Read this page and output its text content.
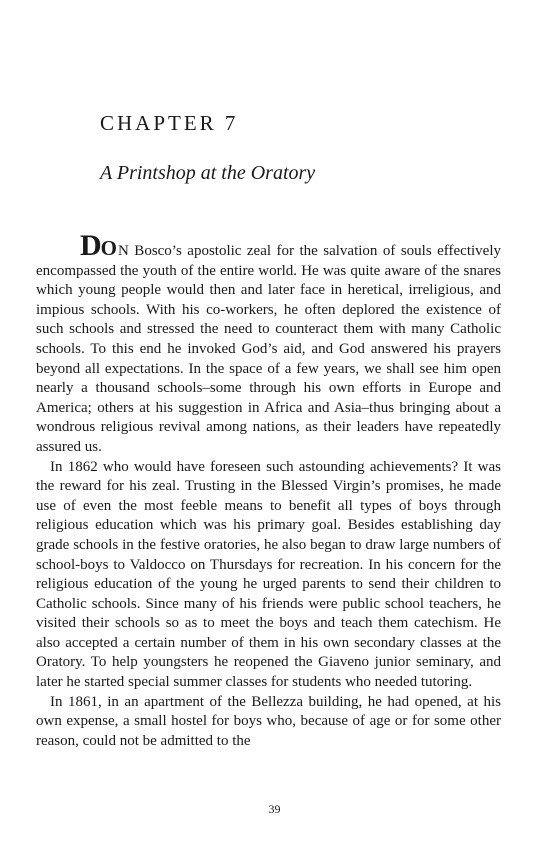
CHAPTER 7
A Printshop at the Oratory

DON Bosco’s apostolic zeal for the salvation of souls effectively encompassed the youth of the entire world. He was quite aware of the snares which young people would then and later face in heretical, irreligious, and impious schools. With his co-workers, he often deplored the existence of such schools and stressed the need to counteract them with many Catholic schools. To this end he invoked God’s aid, and God answered his prayers beyond all expectations. In the space of a few years, we shall see him open nearly a thousand schools–some through his own efforts in Europe and America; others at his suggestion in Africa and Asia–thus bringing about a wondrous religious revival among nations, as their leaders have repeatedly assured us.

In 1862 who would have foreseen such astounding achievements? It was the reward for his zeal. Trusting in the Blessed Virgin’s promises, he made use of even the most feeble means to benefit all types of boys through religious education which was his primary goal. Besides establishing day grade schools in the festive oratories, he also began to draw large numbers of school-boys to Valdocco on Thursdays for recreation. In his concern for the religious education of the young he urged parents to send their children to Catholic schools. Since many of his friends were public school teachers, he visited their schools so as to meet the boys and teach them catechism. He also accepted a certain number of them in his own secondary classes at the Oratory. To help youngsters he reopened the Giaveno junior seminary, and later he started special summer classes for students who needed tutoring.

In 1861, in an apartment of the Bellezza building, he had opened, at his own expense, a small hostel for boys who, because of age or for some other reason, could not be admitted to the

39
